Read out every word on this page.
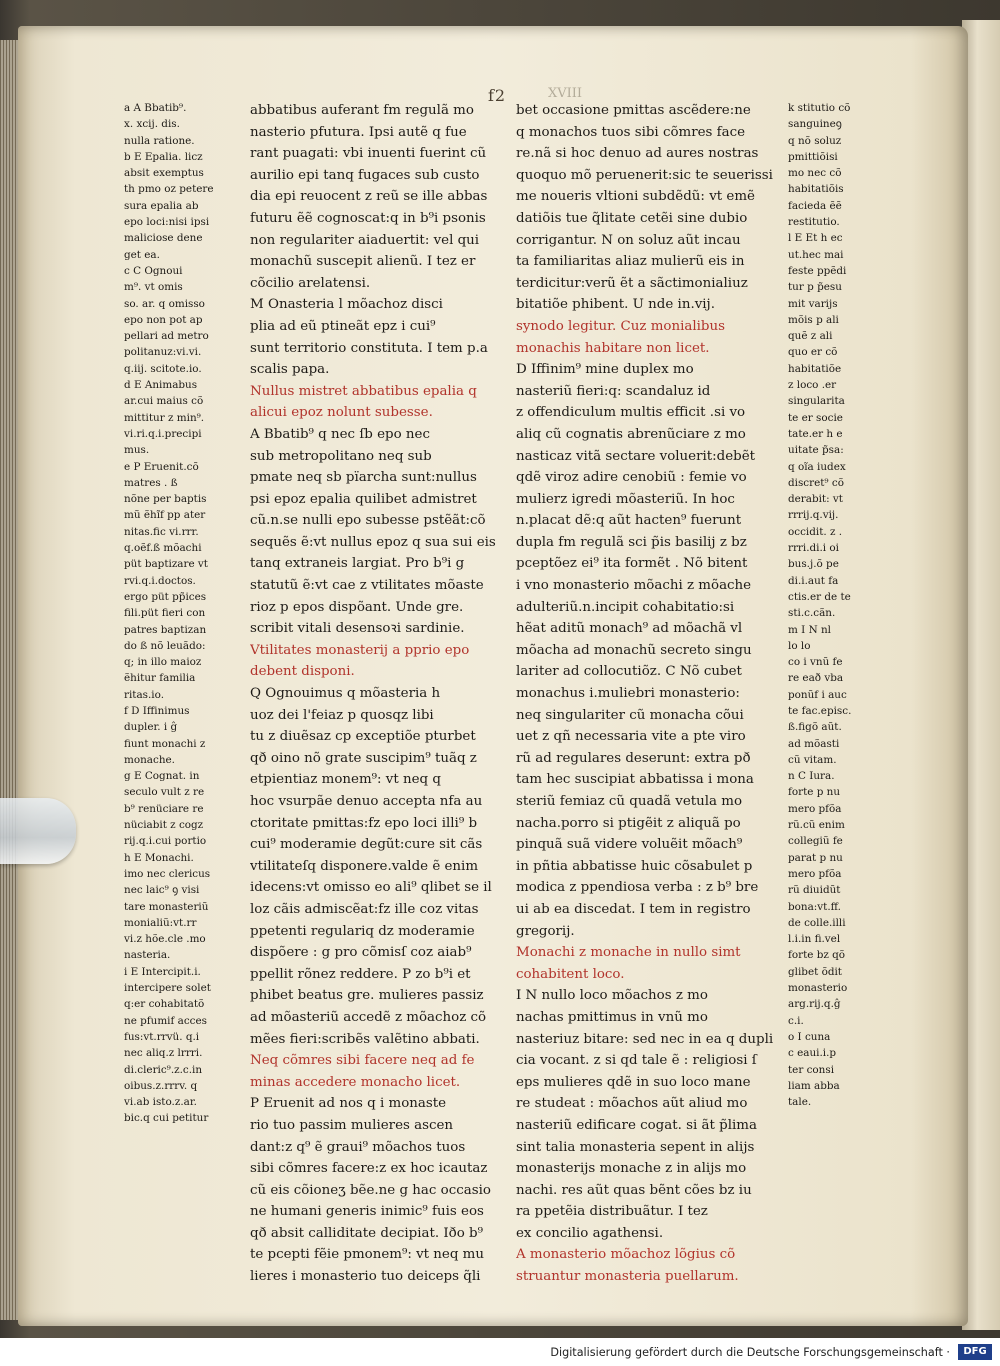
f2	XVIII
a A Bbatib⁹.
x. xcij. dis.
nulla ratione.
b E Epalia. licz
absit exemptus
th pmo oz petere
sura epalia ab
epo loci:nisi ipsi
maliciose dene
get ea.
c C Ognoui
m⁹. vt omis
so. ar. q omisso
epo non pot ap
pellari ad metro
politanuz:vi.vi.
q.iij. scitote.io.
d E Animabus
ar.cui maius cõ
mittitur z min⁹.
vi.ri.q.i.precipi
mus.
e P Eruenit.cõ
matres . ß
nõne per baptis
mũ ẽhĩf pp ater
nitas.fic vi.rrr.
q.oẽf.ß mõachi
püt baptizare vt
rvi.q.i.doctos.
ergo püt pp̃ices
fili.püt fieri con
patres baptizan
do ß nõ leuãdo:
q; in illo maioz
ẽhitur familia
ritas.io.
f D Iffinimus
dupler. i ĝ
fiunt monachi z
monache.
g E Cognat. in
seculo vult z re
b⁹ renüciare re
nüciabit z cogz
rij.q.i.cui portio
h E Monachi.
imo nec clericus
nec laic⁹ ꝯ visi
tare monasteriũ
monialiũ:vt.rr
vi.z hõe.cle .mo
nasteria.
i E Intercipit.i.
intercipere solet
q:er cohabitatõ
ne pfumif acces
fus:vt.rrvü. q.i
nec aliq.z lrrri.
di.cleric⁹.z.c.in
oibus.z.rrrv. q
vi.ab isto.z.ar.
bic.q cui petitur
abbatibus auferant fm regulã mo
nasterio pfutura. Ipsi autẽ q fue
rant puagati: vbi inuenti fuerint cũ
aurilio epi tanq fugaces sub custo
dia epi reuocent z reũ se ille abbas
futuru ẽẽ cognoscat:q in b⁹i psonis
non regulariter aiaduertit: vel qui
monachũ suscepit alienũ. I tez er
cõcilio arelatensi.
M Onasteria l mõachoz disci
plia ad eũ ptineãt epz i cui⁹
sunt territorio constituta. I tem p.a
scalis papa.
Nullus mistret abbatibus epalia q
alicui epoz nolunt subesse.
A Bbatib⁹ q nec ſb epo nec
sub metropolitano neq sub
pmate neq sb pïarcha sunt:nullus
psi epoz epalia quilibet admistret
cũ.n.se nulli epo subesse pstẽãt:cõ
sequẽs ẽ:vt nullus epoz q sua sui eis
tanq extraneis largiat. Pro b⁹i g
statutũ ẽ:vt cae z vtilitates mõaste
rioz p epos dispõant. Unde gre.
scribit vitali desensoꝛi sardinie.
Vtilitates monasterij a pprio epo
debent disponi.
Q Ognouimus q mõasteria h
uoz dei l'feiaz p quosqz libi
tu z diuẽsaz cp exceptiõe pturbet
qð oino nõ grate suscipim⁹ tuãq z
etpientiaz monem⁹: vt neq q
hoc vsurpãe denuo accepta nfa au
ctoritate pmittas:fz epo loci illi⁹ b
cui⁹ moderamie degũt:cure sit cãs
vtilitateſq disponere.valde ẽ enim
idecens:vt omisso eo ali⁹ qlibet se il
loz cãis admiscẽat:fz ille coz vitas
ppetenti regulariq dz moderamie
dispõere : g pro cõmisſ coz aiab⁹
ppellit rõnez reddere. P zo b⁹i et
phibet beatus gre. mulieres passiz
ad mõasteriũ accedẽ z mõachoz cõ
mẽes fieri:scribẽs valẽtino abbati.
Neq cõmres sibi facere neq ad fe
minas accedere monacho licet.
P Eruenit ad nos q i monaste
rio tuo passim mulieres ascen
dant:z q⁹ ẽ graui⁹ mõachos tuos
sibi cõmres facere:z ex hoc icautaz
cũ eis cõioneʒ bẽe.ne g hac occasio
ne humani generis inimic⁹ fuis eos
qð absit calliditate decipiat. Iðo b⁹
te pcepti fẽie pmonem⁹: vt neq mu
lieres i monasterio tuo deiceps q̃li
bet occasione pmittas ascẽdere:ne
q monachos tuos sibi cõmres face
re.nã si hoc denuo ad aures nostras
quoquo mõ peruenerit:sic te seuerissi
me noueris vltioni subdẽdũ: vt emẽ
datiõis tue q̃litate cetẽi sine dubio
corrigantur. N on soluz aũt incau
ta familiaritas aliaz mulierũ eis in
terdicitur:verũ ẽt a sãctimonialiuz
bitatiõe phibent. U nde in.vij.
synodo legitur. Cuz monialibus
monachis habitare non licet.
D Iffinim⁹ mine duplex mo
nasteriũ fieri:q: scandaluz id
z offendiculum multis efficit .si vo
aliq cũ cognatis abrenũciare z mo
nasticaz vitã sectare voluerit:debẽt
qdẽ viroz adire cenobiũ : femie vo
mulierz igredi mõasteriũ. In hoc
n.placat dẽ:q aũt hacten⁹ fuerunt
dupla fm regulã sci p̃is basilij z bz
pceptõez ei⁹ ita formẽt . Nõ bitent
i vno monasterio mõachi z mõache
adulteriũ.n.incipit cohabitatio:si
hẽat aditũ monach⁹ ad mõachã vl
mõacha ad monachũ secreto singu
lariter ad collocutiõz. C Nõ cubet
monachus i.muliebri monasterio:
neq singulariter cũ monacha cõui
uet z qñ necessaria vite a pte viro
rũ ad regulares deserunt: extra pð
tam hec suscipiat abbatissa i mona
steriũ femiaz cũ quadã vetula mo
nacha.porro si ptigẽit z aliquã po
pinquã suã videre voluẽit mõach⁹
in pñtia abbatisse huic cõsabulet p
modica z ppendiosa verba : z b⁹ bre
ui ab ea discedat. I tem in registro
gregorij.
Monachi z monache in nullo simt
cohabitent loco.
I N nullo loco mõachos z mo
nachas pmittimus in vnũ mo
nasteriuz bitare: sed nec in ea q dupli
cia vocant. z si qd tale ẽ : religiosi ſ
eps mulieres qdẽ in suo loco mane
re studeat : mõachos aũt aliud mo
nasteriũ edificare cogat. si ãt p̃lima
sint talia monasteria sepent in alijs
monasterijs monache z in alijs mo
nachi. res aũt quas bẽnt cões bz iu
ra ppetẽia distribuãtur. I tez
ex concilio agathensi.
A monasterio mõachoz lõgius cõ
struantur monasteria puellarum.
k stitutio cõ
sanguineꝯ
q nõ soluz
pmittiõisi
mo nec cõ
habitatiõis
facieda ẽẽ
restitutio.
l E Et h ec
ut.hec mai
feste ppẽdi
tur p p̃esu
mit varijs
mõis p ali
quẽ z ali
quo er cõ
habitatiõe
z loco .er
singularita
te er socie
tate.er h e
uitate p̃sa:
q oĩa iudex
discret⁹ cõ
derabit: vt
rrrij.q.vij.
occidit. z .
rrri.di.i oi
bus.j.õ pe
di.i.aut fa
ctis.er de te
sti.c.cãn.
m I N nl
lo lo
co i vnũ fe
re eað vba
ponũf i auc
te fac.episc.
ß.figõ aũt.
ad mõasti
cũ vitam.
n C Iura.
forte p nu
mero pfõa
rũ.cũ enim
collegiũ fe
parat p nu
mero pfõa
rũ diuidũt
bona:vt.ff.
de colle.illi
l.i.in fi.vel
forte bz qõ
glibet õdit
monasterio
arg.rij.q.ĝ
c.i.
o I cuna
c eaui.i.p
ter consi
liam abba
tale.
Digitalisierung gefördert durch die Deutsche Forschungsgemeinschaft ·	DFG
